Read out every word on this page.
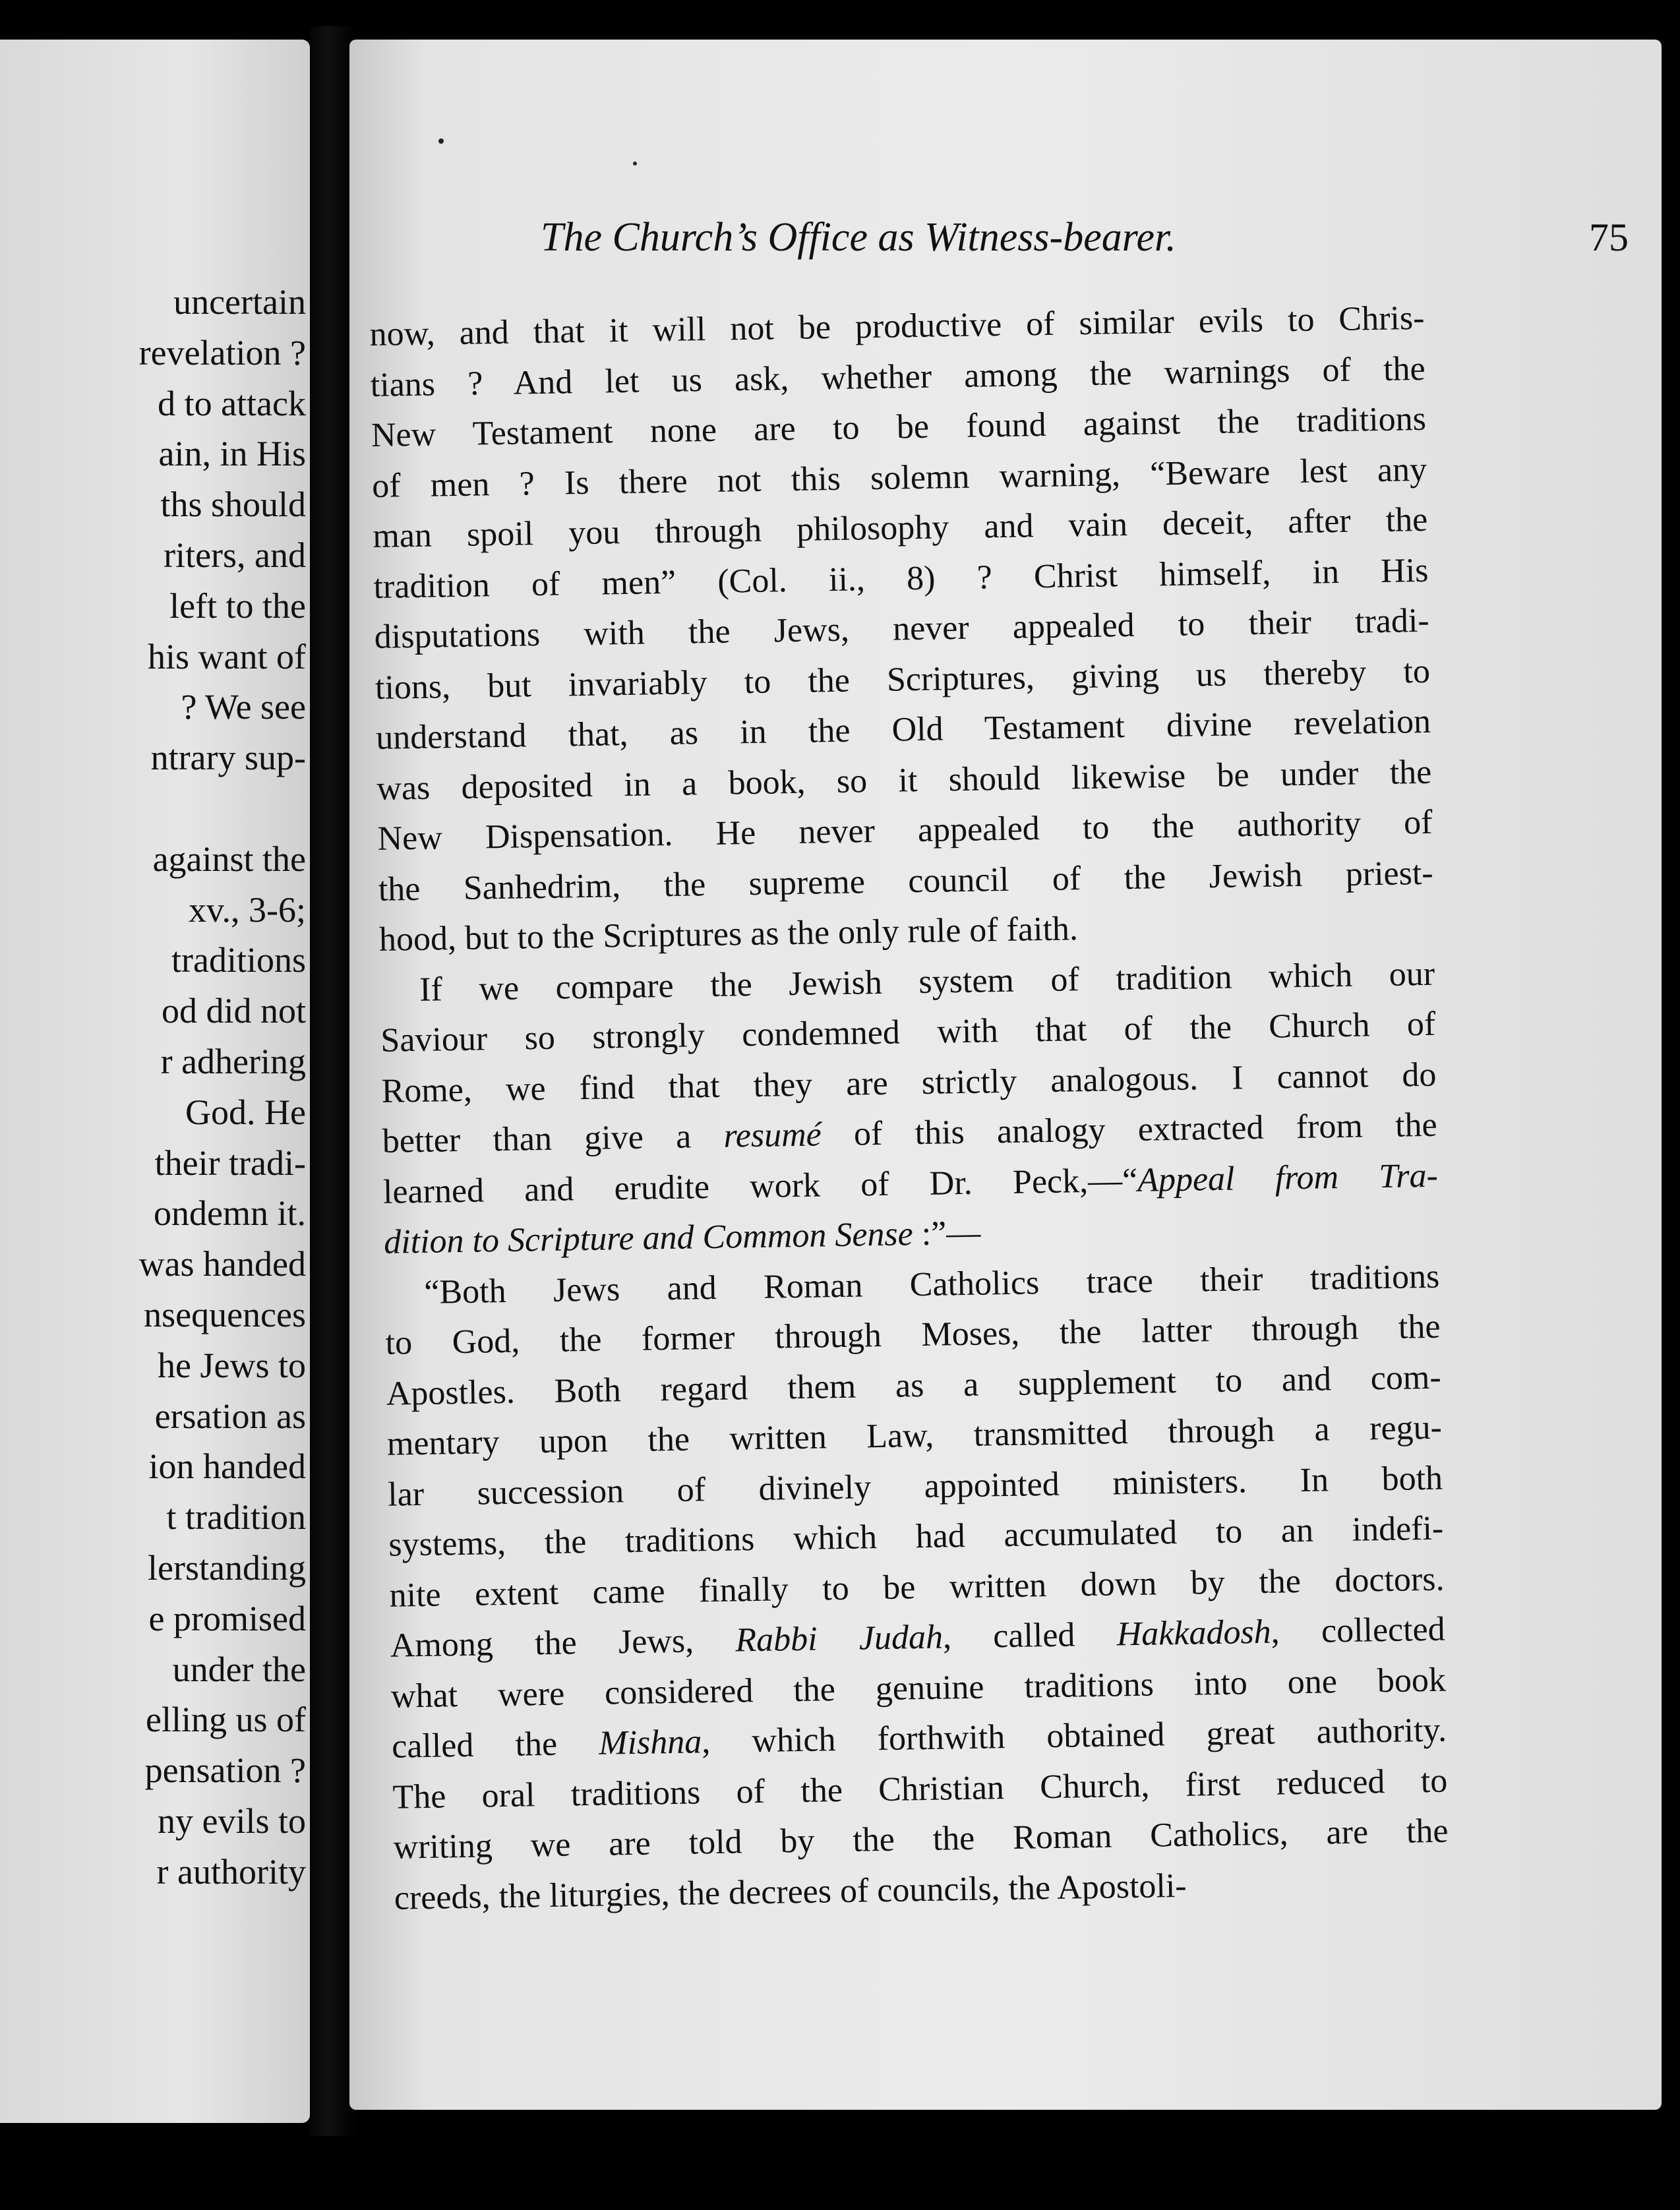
uncertain
revelation ?
d to attack
ain, in His
ths should
riters, and
left to the
his want of
? We see
ntrary sup-
against the
xv., 3-6;
traditions
od did not
r adhering
God. He
their tradi-
ondemn it.
was handed
nsequences
he Jews to
ersation as
ion handed
t tradition
lerstanding
e promised
under the
elling us of
pensation ?
ny evils to
r authority
The Church’s Office as Witness-bearer.	75

now, and that it will not be productive of similar evils to Chris-
tians ? And let us ask, whether among the warnings of the
New Testament none are to be found against the traditions
of men ? Is there not this solemn warning, “Beware lest any
man spoil you through philosophy and vain deceit, after the
tradition of men” (Col. ii., 8) ? Christ himself, in His
disputations with the Jews, never appealed to their tradi-
tions, but invariably to the Scriptures, giving us thereby to
understand that, as in the Old Testament divine revelation
was deposited in a book, so it should likewise be under the
New Dispensation. He never appealed to the authority of
the Sanhedrim, the supreme council of the Jewish priest-
hood, but to the Scriptures as the only rule of faith.

If we compare the Jewish system of tradition which our
Saviour so strongly condemned with that of the Church of
Rome, we find that they are strictly analogous. I cannot do
better than give a resumé of this analogy extracted from the
learned and erudite work of Dr. Peck,—“Appeal from Tra-
dition to Scripture and Common Sense :”—

“Both Jews and Roman Catholics trace their traditions
to God, the former through Moses, the latter through the
Apostles. Both regard them as a supplement to and com-
mentary upon the written Law, transmitted through a regu-
lar succession of divinely appointed ministers. In both
systems, the traditions which had accumulated to an indefi-
nite extent came finally to be written down by the doctors.
Among the Jews, Rabbi Judah, called Hakkadosh, collected
what were considered the genuine traditions into one book
called the Mishna, which forthwith obtained great authority.
The oral traditions of the Christian Church, first reduced to
writing we are told by the the Roman Catholics, are the
creeds, the liturgies, the decrees of councils, the Apostoli-
